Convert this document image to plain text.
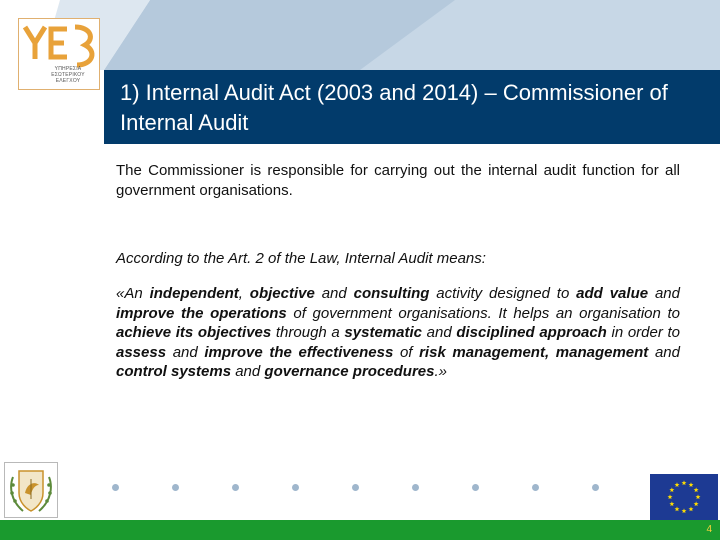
ΥΠΗΡΕΣΙΑ
ΕΣΩΤΕΡΙΚΟΥ
ΕΛΕΓΧΟΥ	1) Internal Audit Act (2003 and 2014) – Commissioner of Internal Audit

The Commissioner is responsible for carrying out the internal audit function for all government organisations.

According to the Art. 2 of the Law, Internal Audit means:

«An independent, objective and consulting activity designed to add value and improve the operations of government organisations. It helps an organisation to achieve its objectives through a systematic and disciplined approach in order to assess and improve the effectiveness of risk management, management and control systems and governance procedures.»

4
